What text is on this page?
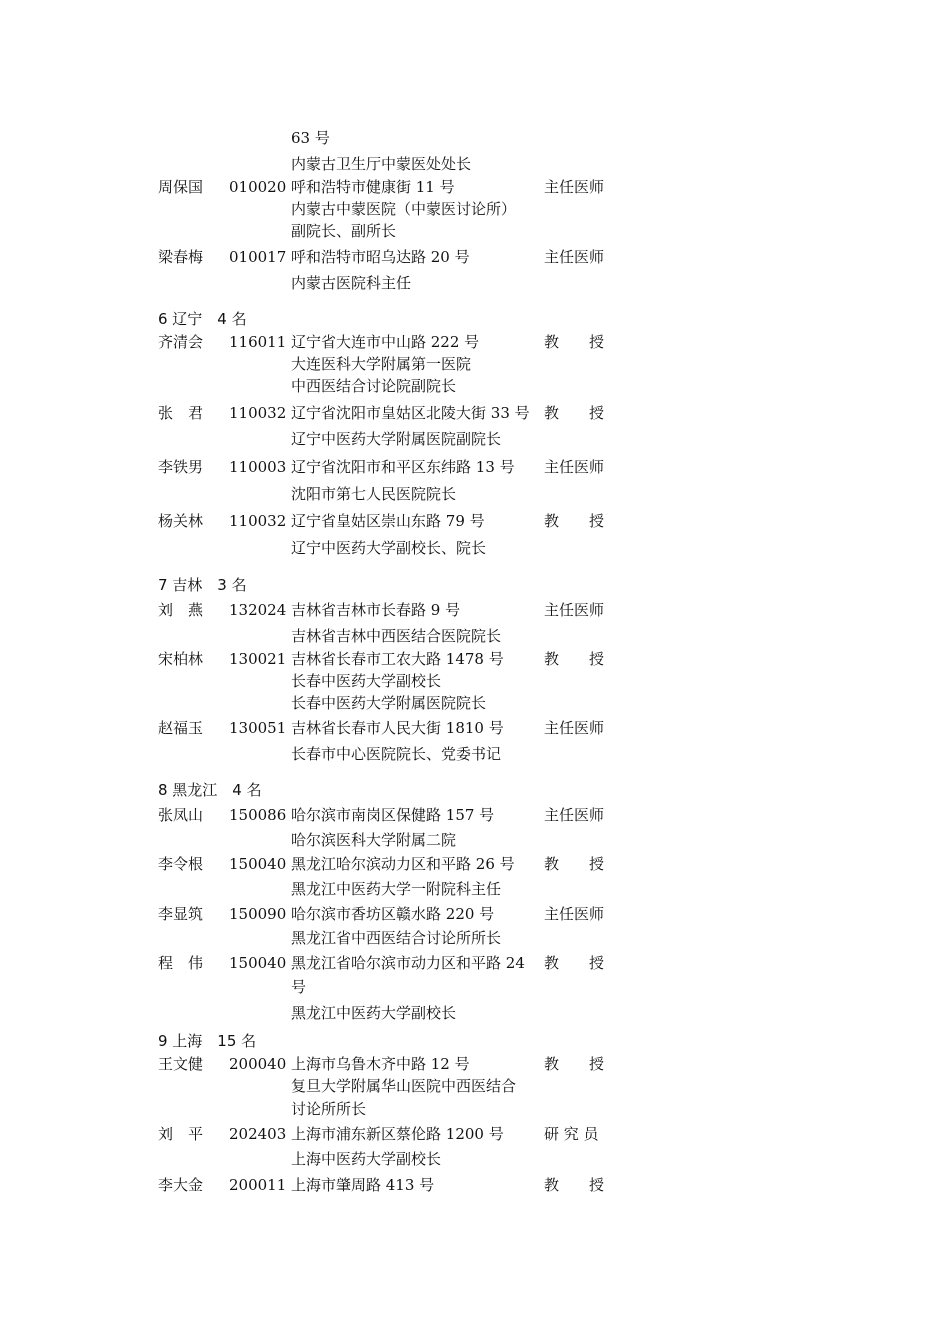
63 号
内蒙古卫生厅中蒙医处处长
周保国 010020 呼和浩特市健康街 11 号	主任医师
内蒙古中蒙医院（中蒙医讨论所）
副院长、副所长
梁春梅 010017 呼和浩特市昭乌达路 20 号	主任医师
内蒙古医院科主任
6 辽宁　4 名
齐清会 116011 辽宁省大连市中山路 222 号	教　　授
大连医科大学附属第一医院
中西医结合讨论院副院长
张　君 110032 辽宁省沈阳市皇姑区北陵大街 33 号 教　　授
辽宁中医药大学附属医院副院长
李铁男 110003 辽宁省沈阳市和平区东纬路 13 号 主任医师
沈阳市第七人民医院院长
杨关林 110032 辽宁省皇姑区崇山东路 79 号	教　　授
辽宁中医药大学副校长、院长
7 吉林　3 名
刘　燕 132024 吉林省吉林市长春路 9 号	主任医师
吉林省吉林中西医结合医院院长
宋柏林 130021 吉林省长春市工农大路 1478 号	教　　授
长春中医药大学副校长
长春中医药大学附属医院院长
赵福玉 130051 吉林省长春市人民大街 1810 号	主任医师
长春市中心医院院长、党委书记
8 黑龙江　4 名
张凤山 150086 哈尔滨市南岗区保健路 157 号	主任医师
哈尔滨医科大学附属二院
李令根 150040 黑龙江哈尔滨动力区和平路 26 号 教　　授
黑龙江中医药大学一附院科主任
李显筑 150090 哈尔滨市香坊区赣水路 220 号	主任医师
黑龙江省中西医结合讨论所所长
程　伟 150040 黑龙江省哈尔滨市动力区和平路 24 教　　授
号
黑龙江中医药大学副校长
9 上海　15 名
王文健 200040 上海市乌鲁木齐中路 12 号	教　　授
复旦大学附属华山医院中西医结合
讨论所所长
刘　平 202403 上海市浦东新区蔡伦路 1200 号	研 究 员
上海中医药大学副校长
李大金 200011 上海市肇周路 413 号	教　　授
